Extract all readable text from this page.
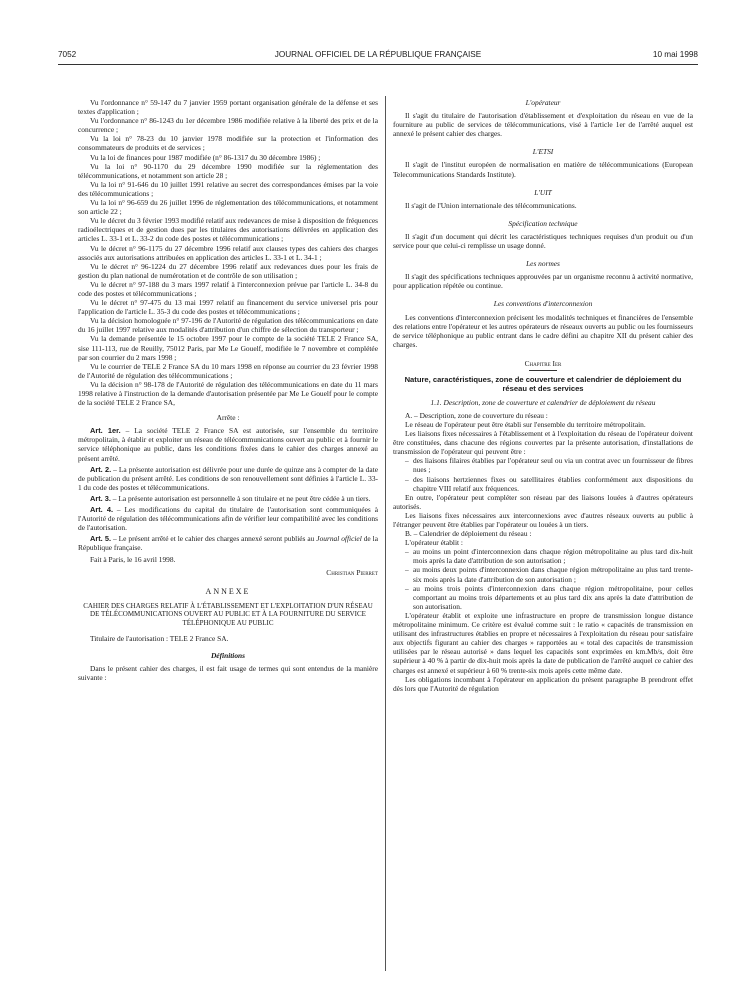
7052	JOURNAL OFFICIEL DE LA RÉPUBLIQUE FRANÇAISE	10 mai 1998

Vu l'ordonnance n° 59-147 du 7 janvier 1959 portant organisation générale de la défense et ses textes d'application ;

Vu l'ordonnance n° 86-1243 du 1er décembre 1986 modifiée relative à la liberté des prix et de la concurrence ;

Vu la loi n° 78-23 du 10 janvier 1978 modifiée sur la protection et l'information des consommateurs de produits et de services ;

Vu la loi de finances pour 1987 modifiée (n° 86-1317 du 30 décembre 1986) ;

Vu la loi n° 90-1170 du 29 décembre 1990 modifiée sur la réglementation des télécommunications, et notamment son article 28 ;

Vu la loi n° 91-646 du 10 juillet 1991 relative au secret des correspondances émises par la voie des télécommunications ;

Vu la loi n° 96-659 du 26 juillet 1996 de réglementation des télécommunications, et notamment son article 22 ;

Vu le décret du 3 février 1993 modifié relatif aux redevances de mise à disposition de fréquences radioélectriques et de gestion dues par les titulaires des autorisations délivrées en application des articles L. 33-1 et L. 33-2 du code des postes et télécommunications ;

Vu le décret n° 96-1175 du 27 décembre 1996 relatif aux clauses types des cahiers des charges associés aux autorisations attribuées en application des articles L. 33-1 et L. 34-1 ;

Vu le décret n° 96-1224 du 27 décembre 1996 relatif aux redevances dues pour les frais de gestion du plan national de numérotation et de contrôle de son utilisation ;

Vu le décret n° 97-188 du 3 mars 1997 relatif à l'interconnexion prévue par l'article L. 34-8 du code des postes et télécommunications ;

Vu le décret n° 97-475 du 13 mai 1997 relatif au financement du service universel pris pour l'application de l'article L. 35-3 du code des postes et télécommunications ;

Vu la décision homologuée n° 97-196 de l'Autorité de régulation des télécommunications en date du 16 juillet 1997 relative aux modalités d'attribution d'un chiffre de sélection du transporteur ;

Vu la demande présentée le 15 octobre 1997 pour le compte de la société TELE 2 France SA, sise 111-113, rue de Reuilly, 75012 Paris, par Me Le Gouelf, modifiée le 7 novembre et complétée par son courrier du 2 mars 1998 ;

Vu le courrier de TELE 2 France SA du 10 mars 1998 en réponse au courrier du 23 février 1998 de l'Autorité de régulation des télécommunications ;

Vu la décision n° 98-178 de l'Autorité de régulation des télécommunications en date du 11 mars 1998 relative à l'instruction de la demande d'autorisation présentée par Me Le Gouelf pour le compte de la société TELE 2 France SA,

Arrête :

Art. 1er. – La société TELE 2 France SA est autorisée, sur l'ensemble du territoire métropolitain, à établir et exploiter un réseau de télécommunications ouvert au public et à fournir le service téléphonique au public, dans les conditions fixées dans le cahier des charges annexé au présent arrêté.

Art. 2. – La présente autorisation est délivrée pour une durée de quinze ans à compter de la date de publication du présent arrêté. Les conditions de son renouvellement sont définies à l'article L. 33-1 du code des postes et télécommunications.

Art. 3. – La présente autorisation est personnelle à son titulaire et ne peut être cédée à un tiers.

Art. 4. – Les modifications du capital du titulaire de l'autorisation sont communiquées à l'Autorité de régulation des télécommunications afin de vérifier leur compatibilité avec les conditions de l'autorisation.

Art. 5. – Le présent arrêté et le cahier des charges annexé seront publiés au Journal officiel de la République française.

Fait à Paris, le 16 avril 1998.

Christian Pierret

ANNEXE

CAHIER DES CHARGES RELATIF À L'ÉTABLISSEMENT ET L'EXPLOITATION D'UN RÉSEAU DE TÉLÉCOMMUNICATIONS OUVERT AU PUBLIC ET À LA FOURNITURE DU SERVICE TÉLÉPHONIQUE AU PUBLIC

Titulaire de l'autorisation : TELE 2 France SA.

Définitions

Dans le présent cahier des charges, il est fait usage de termes qui sont entendus de la manière suivante :

L'opérateur

Il s'agit du titulaire de l'autorisation d'établissement et d'exploitation du réseau en vue de la fourniture au public de services de télécommunications, visé à l'article 1er de l'arrêté auquel est annexé le présent cahier des charges.

L'ETSI

Il s'agit de l'institut européen de normalisation en matière de télécommunications (European Telecommunications Standards Institute).

L'UIT

Il s'agit de l'Union internationale des télécommunications.

Spécification technique

Il s'agit d'un document qui décrit les caractéristiques techniques requises d'un produit ou d'un service pour que celui-ci remplisse un usage donné.

Les normes

Il s'agit des spécifications techniques approuvées par un organisme reconnu à activité normative, pour application répétée ou continue.

Les conventions d'interconnexion

Les conventions d'interconnexion précisent les modalités techniques et financières de l'ensemble des relations entre l'opérateur et les autres opérateurs de réseaux ouverts au public ou les fournisseurs de service téléphonique au public entrant dans le cadre défini au chapitre XII du présent cahier des charges.

Chapitre Ier

Nature, caractéristiques, zone de couverture et calendrier de déploiement du réseau et des services

1.1. Description, zone de couverture et calendrier de déploiement du réseau

A. – Description, zone de couverture du réseau :

Le réseau de l'opérateur peut être établi sur l'ensemble du territoire métropolitain.

Les liaisons fixes nécessaires à l'établissement et à l'exploitation du réseau de l'opérateur doivent être constituées, dans chacune des régions couvertes par la présente autorisation, d'installations de transmission de l'opérateur qui peuvent être :

– des liaisons filaires établies par l'opérateur seul ou via un contrat avec un fournisseur de fibres nues ;
– des liaisons hertziennes fixes ou satellitaires établies conformément aux dispositions du chapitre VIII relatif aux fréquences.

En outre, l'opérateur peut compléter son réseau par des liaisons louées à d'autres opérateurs autorisés.

Les liaisons fixes nécessaires aux interconnexions avec d'autres réseaux ouverts au public à l'étranger peuvent être établies par l'opérateur ou louées à un tiers.

B. – Calendrier de déploiement du réseau :

L'opérateur établit :

– au moins un point d'interconnexion dans chaque région métropolitaine au plus tard dix-huit mois après la date d'attribution de son autorisation ;
– au moins deux points d'interconnexion dans chaque région métropolitaine au plus tard trente-six mois après la date d'attribution de son autorisation ;
– au moins trois points d'interconnexion dans chaque région métropolitaine, pour celles comportant au moins trois départements et au plus tard dix ans après la date d'attribution de son autorisation.

L'opérateur établit et exploite une infrastructure en propre de transmission longue distance métropolitaine minimum. Ce critère est évalué comme suit : le ratio « capacités de transmission en utilisant des infrastructures établies en propre et nécessaires à l'exploitation du réseau pour satisfaire aux objectifs figurant au cahier des charges » rapportées au « total des capacités de transmission utilisées par le réseau autorisé » dans lequel les capacités sont exprimées en km.Mb/s, doit être supérieur à 40 % à partir de dix-huit mois après la date de publication de l'arrêté auquel ce cahier des charges est annexé et supérieur à 60 % trente-six mois après cette même date.

Les obligations incombant à l'opérateur en application du présent paragraphe B prendront effet dès lors que l'Autorité de régulation
